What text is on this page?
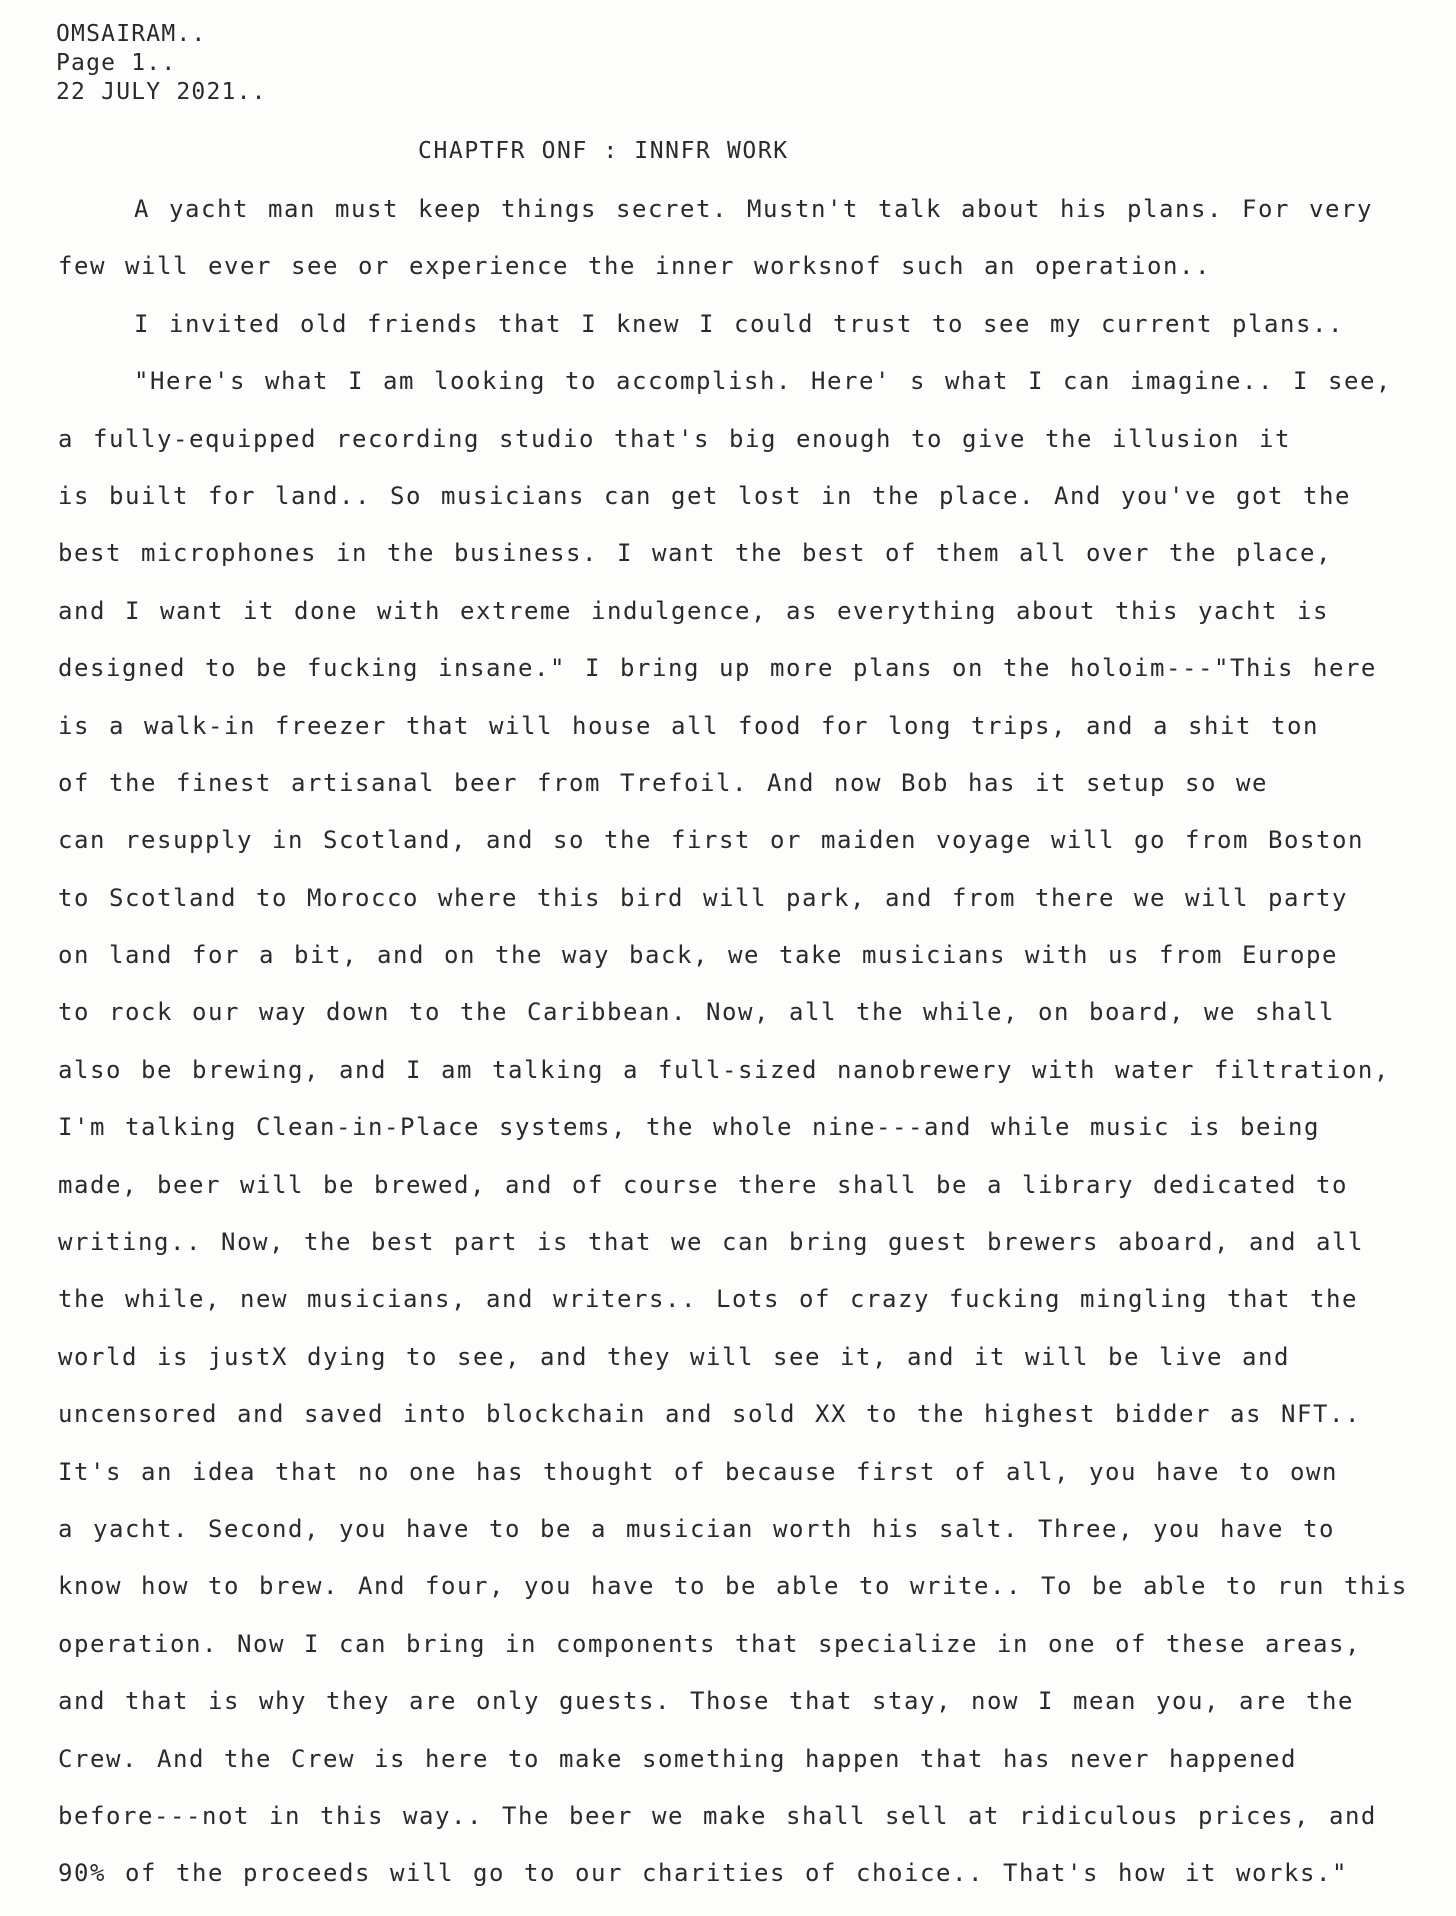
OMSAIRAM..
Page 1..
22 JULY 2021..
CHAPTFR ONF : INNFR WORK
A yacht man must keep things secret. Mustn't talk about his plans. For very
few will ever see or experience the inner worksnof such an operation..
I invited old friends that I knew I could trust to see my current plans..
"Here's what I am looking to accomplish. Here' s what I can imagine.. I see,
a fully-equipped recording studio that's big enough to give the illusion it
is built for land.. So musicians can get lost in the place. And you've got the
best microphones in the business. I want the best of them all over the place,
and I want it done with extreme indulgence, as everything about this yacht is
designed to be fucking insane." I bring up more plans on the holoim---"This here
is a walk-in freezer that will house all food for long trips, and a shit ton
of the finest artisanal beer from Trefoil. And now Bob has it setup so we
can resupply in Scotland, and so the first or maiden voyage will go from Boston
to Scotland to Morocco where this bird will park, and from there we will party
on land for a bit, and on the way back, we take musicians with us from Europe
to rock our way down to the Caribbean. Now, all the while, on board, we shall
also be brewing, and I am talking a full-sized nanobrewery with water filtration,
I'm talking Clean-in-Place systems, the whole nine---and while music is being
made, beer will be brewed, and of course there shall be a library dedicated to
writing.. Now, the best part is that we can bring guest brewers aboard, and all
the while, new musicians, and writers.. Lots of crazy fucking mingling that the
world is justX dying to see, and they will see it, and it will be live and
uncensored and saved into blockchain and sold XX to the highest bidder as NFT..
It's an idea that no one has thought of because first of all, you have to own
a yacht. Second, you have to be a musician worth his salt. Three, you have to
know how to brew. And four, you have to be able to write.. To be able to run this
operation. Now I can bring in components that specialize in one of these areas,
and that is why they are only guests. Those that stay, now I mean you, are the
Crew. And the Crew is here to make something happen that has never happened
before---not in this way.. The beer we make shall sell at ridiculous prices, and
90% of the proceeds will go to our charities of choice.. That's how it works."
